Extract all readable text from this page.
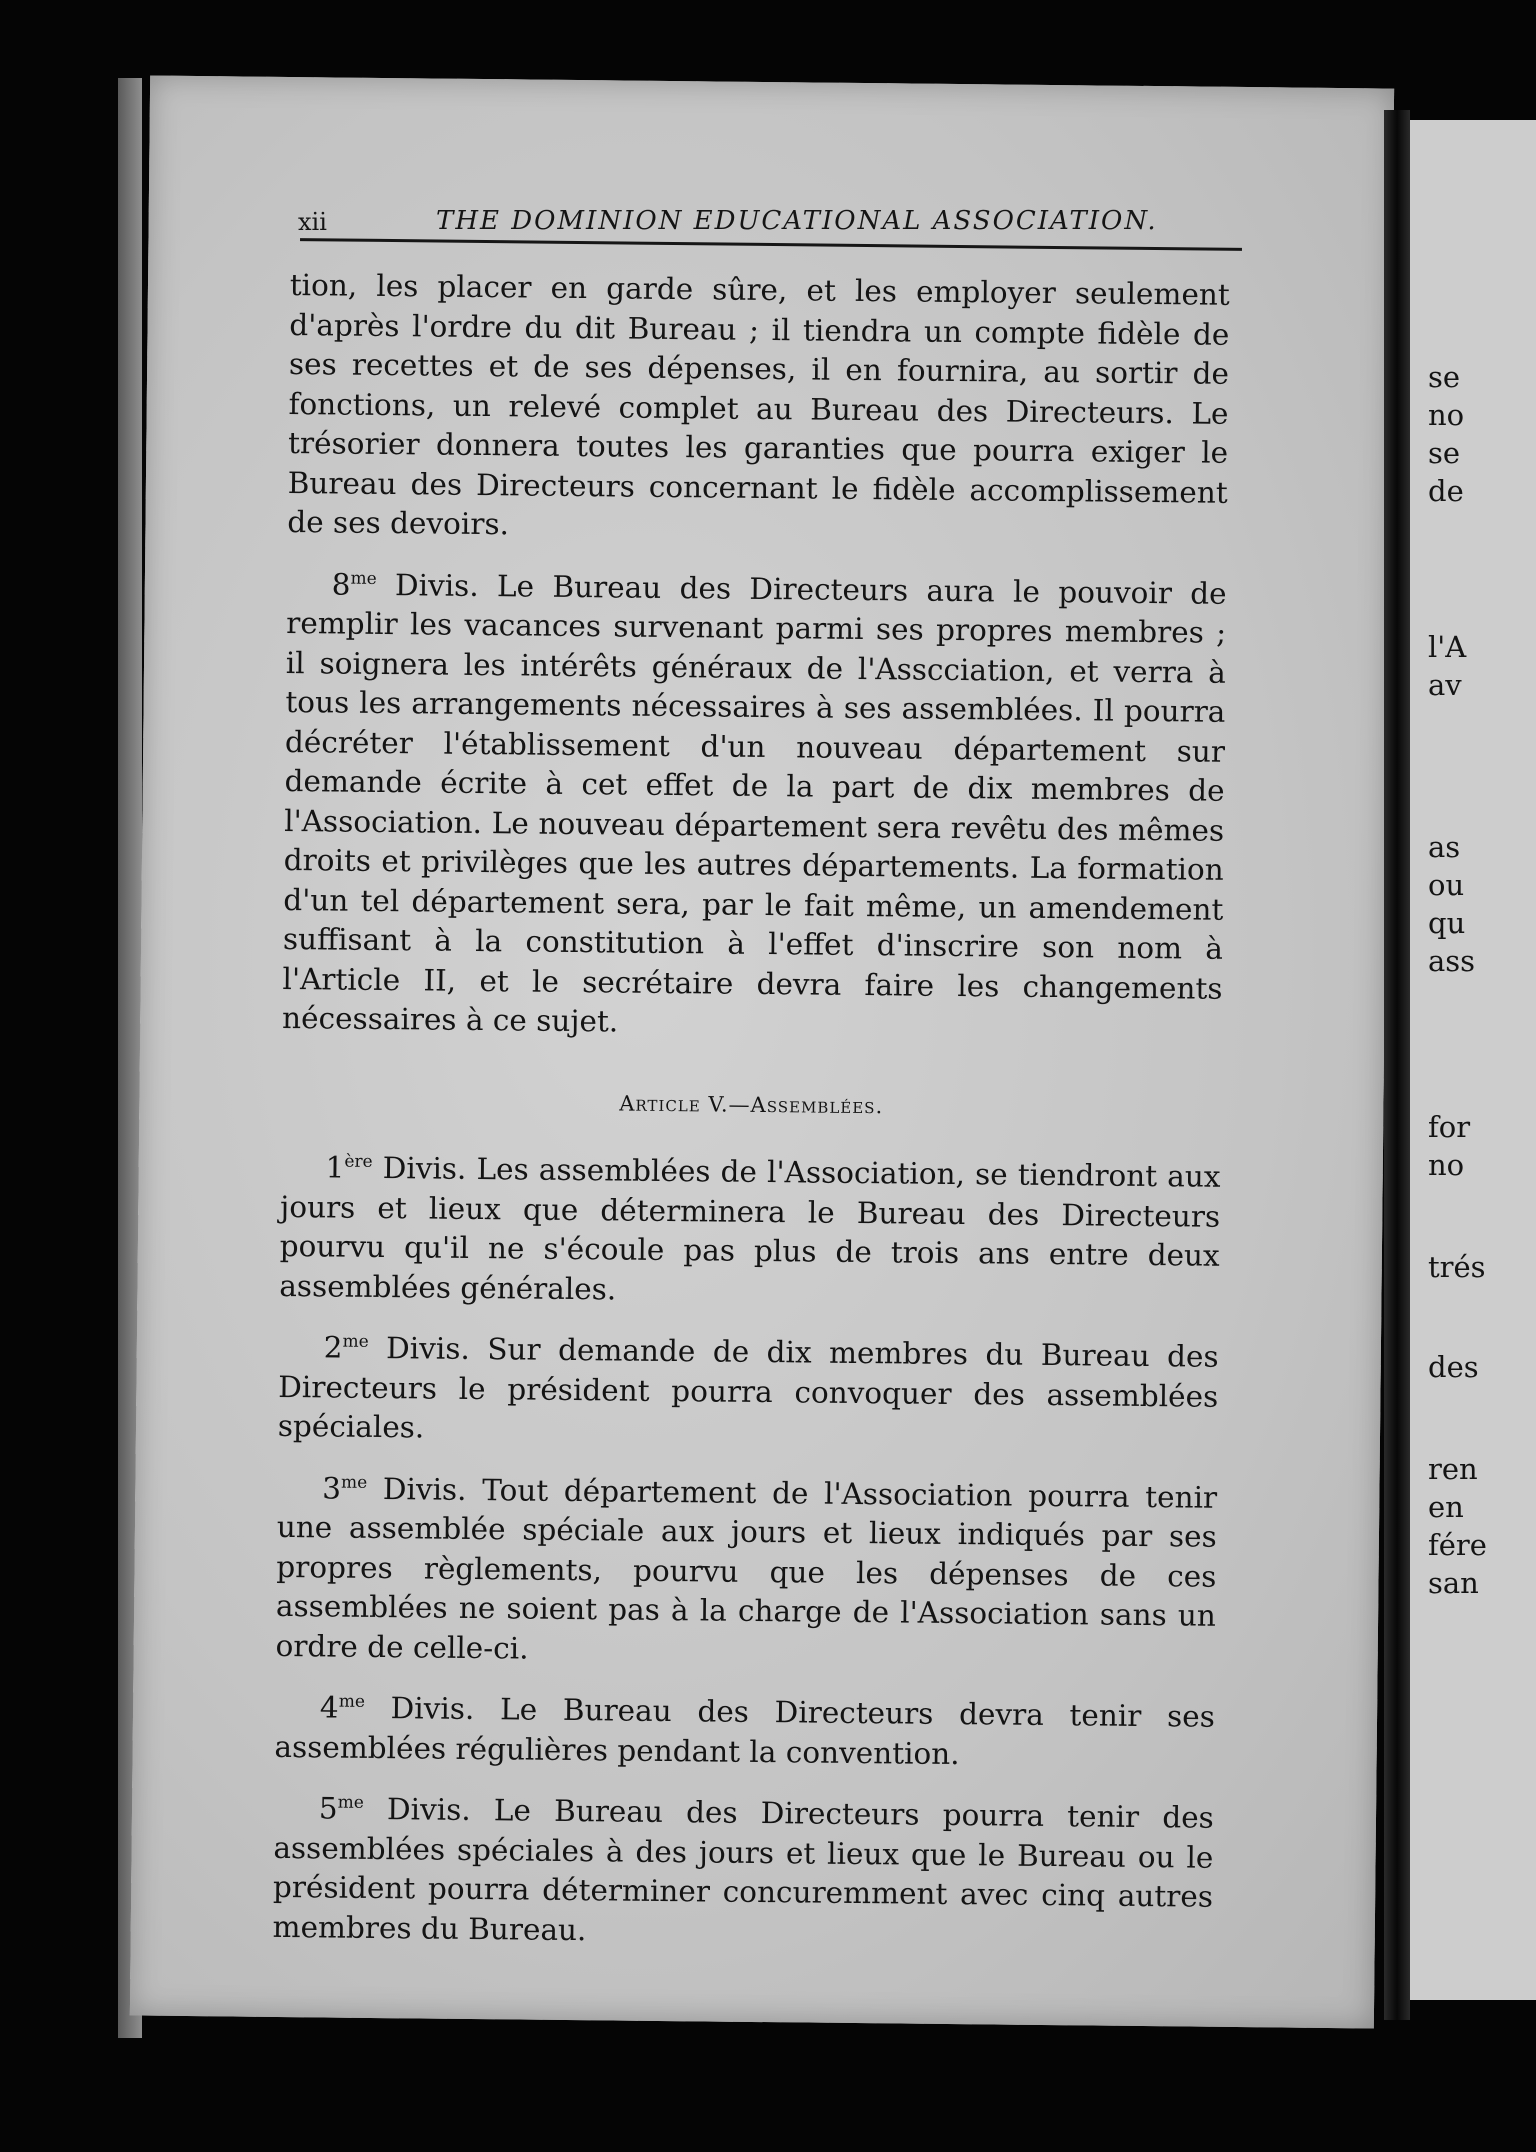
se
no
se
de
l'A
av
as
ou
qu
ass
for
no
trés
des
ren
en
fére
san
xii	THE DOMINION EDUCATIONAL ASSOCIATION.

tion, les placer en garde sûre, et les employer seulement d'après l'ordre du dit Bureau ; il tiendra un compte fidèle de ses recettes et de ses dépenses, il en fournira, au sortir de fonctions, un relevé complet au Bureau des Directeurs. Le trésorier donnera toutes les garanties que pourra exiger le Bureau des Directeurs concernant le fidèle accomplissement de ses devoirs.

$8^{me}$ Divis. Le Bureau des Directeurs aura le pouvoir de remplir les vacances survenant parmi ses propres membres ; il soignera les intérêts généraux de l'Asscciation, et verra à tous les arrangements nécessaires à ses assemblées. Il pourra décréter l'établissement d'un nouveau département sur demande écrite à cet effet de la part de dix membres de l'Association. Le nouveau département sera revêtu des mêmes droits et privilèges que les autres départements. La formation d'un tel département sera, par le fait même, un amendement suffisant à la constitution à l'effet d'inscrire son nom à l'Article II, et le secrétaire devra faire les changements nécessaires à ce sujet.

Article V.—Assemblées.

1ère Divis. Les assemblées de l'Association, se tiendront aux jours et lieux que déterminera le Bureau des Directeurs pourvu qu'il ne s'écoule pas plus de trois ans entre deux assemblées générales.

$2^{me}$ Divis. Sur demande de dix membres du Bureau des Directeurs le président pourra convoquer des assemblées spéciales.

$3^{me}$ Divis. Tout département de l'Association pourra tenir une assemblée spéciale aux jours et lieux indiqués par ses propres règlements, pourvu que les dépenses de ces assemblées ne soient pas à la charge de l'Association sans un ordre de celle-ci.

$4^{me}$ Divis. Le Bureau des Directeurs devra tenir ses assemblées régulières pendant la convention.

$5^{me}$ Divis. Le Bureau des Directeurs pourra tenir des assemblées spéciales à des jours et lieux que le Bureau ou le président pourra déterminer concuremment avec cinq autres membres du Bureau.
